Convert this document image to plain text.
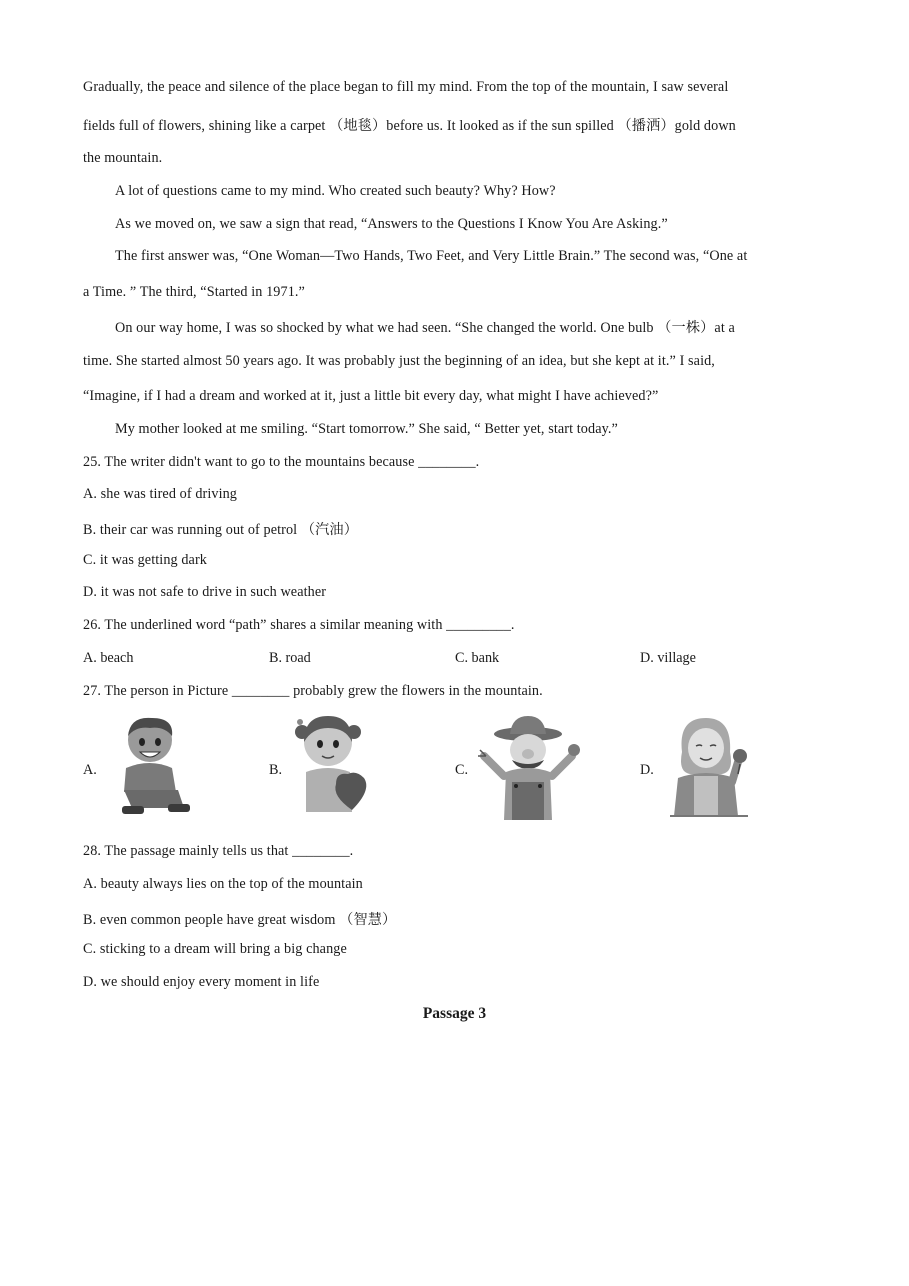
Gradually, the peace and silence of the place began to fill my mind. From the top of the mountain, I saw several
fields full of flowers, shining like a carpet （地毯）before us. It looked as if the sun spilled （播洒）gold down
the mountain.
A lot of questions came to my mind. Who created such beauty? Why? How?
As we moved on, we saw a sign that read, “Answers to the Questions I Know You Are Asking.”
The first answer was, “One Woman—Two Hands, Two Feet, and Very Little Brain.” The second was, “One at
a Time. ” The third, “Started in 1971.”
On our way home, I was so shocked by what we had seen. “She changed the world. One bulb （一株）at a
time. She started almost 50 years ago. It was probably just the beginning of an idea, but she kept at it.” I said,
“Imagine, if I had a dream and worked at it, just a little bit every day, what might I have achieved?”
My mother looked at me smiling. “Start tomorrow.” She said, “ Better yet, start today.”
25. The writer didn't want to go to the mountains because ________.
A. she was tired of driving
B. their car was running out of petrol （汽油）
C. it was getting dark
D. it was not safe to drive in such weather
26. The underlined word “path” shares a similar meaning with _________.
A. beach	B. road	C. bank	D. village
27. The person in Picture ________ probably grew the flowers in the mountain.
A.	B.	C.	D.
28. The passage mainly tells us that ________.
A. beauty always lies on the top of the mountain
B. even common people have great wisdom （智慧）
C. sticking to a dream will bring a big change
D. we should enjoy every moment in life
Passage 3
